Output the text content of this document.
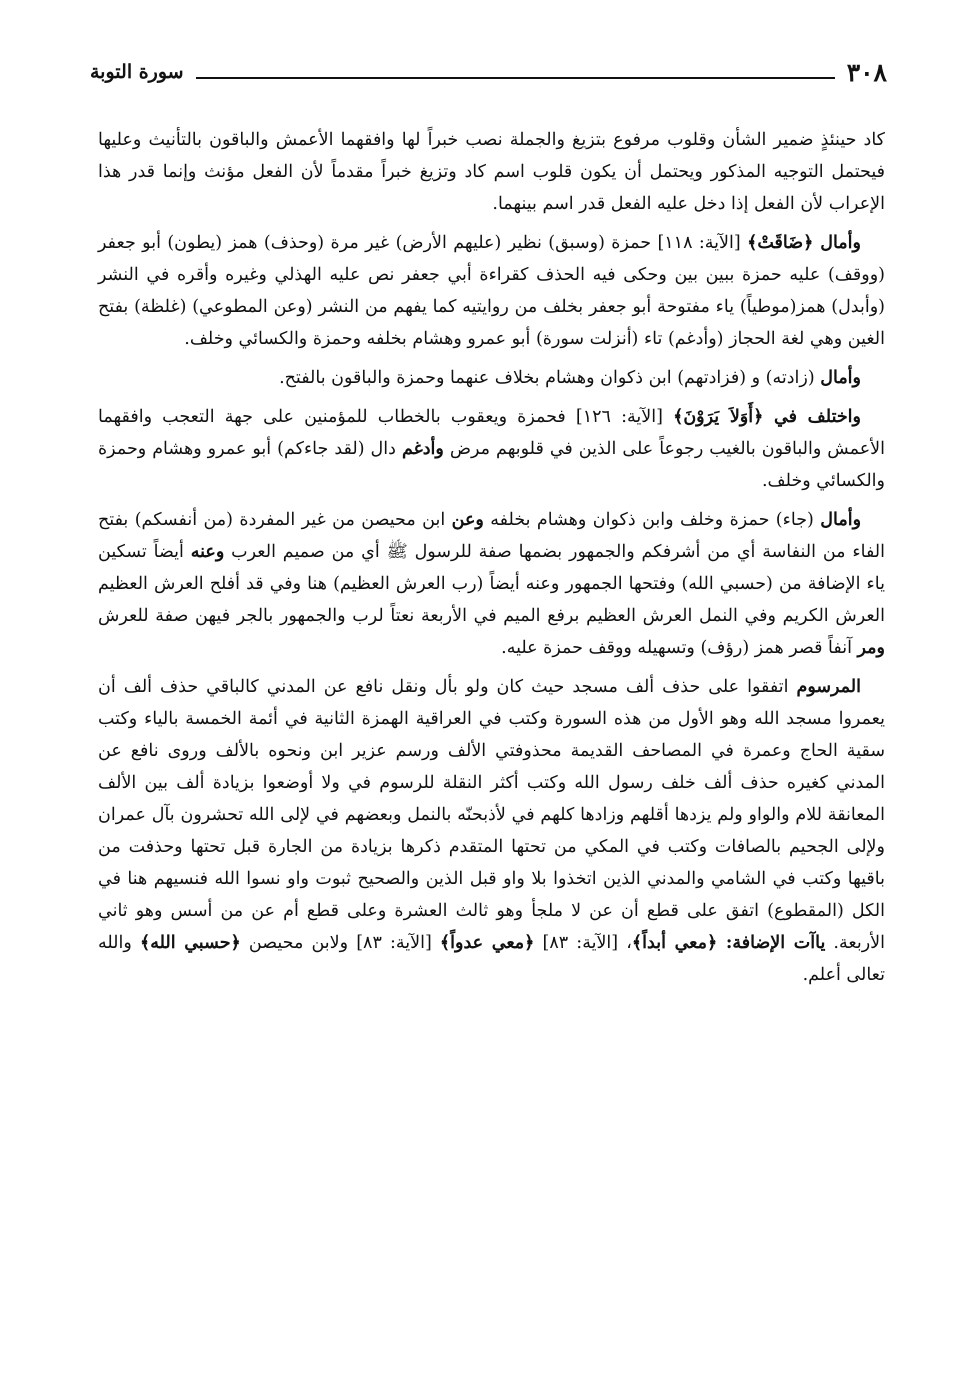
٣٠٨
سورة التوبة

كاد حينئذٍ ضمير الشأن وقلوب مرفوع بتزيغ والجملة نصب خبراً لها وافقهما الأعمش والباقون بالتأنيث وعليها فيحتمل التوجيه المذكور ويحتمل أن يكون قلوب اسم كاد وتزيغ خبراً مقدماً لأن الفعل مؤنث وإنما قدر هذا الإعراب لأن الفعل إذا دخل عليه الفعل قدر اسم بينهما.

وأمال ﴿ضَاقَتْ﴾ [الآية: ١١٨] حمزة (وسبق) نظير (عليهم الأرض) غير مرة (وحذف) همز (يطون) أبو جعفر (ووقف) عليه حمزة ببين بين وحكى فيه الحذف كقراءة أبي جعفر نص عليه الهذلي وغيره وأقره في النشر (وأبدل) همز(موطياً) ياء مفتوحة أبو جعفر بخلف من روايتيه كما يفهم من النشر (وعن المطوعي) (غلظة) بفتح الغين وهي لغة الحجاز (وأدغم) تاء (أنزلت سورة) أبو عمرو وهشام بخلفه وحمزة والكسائي وخلف.

وأمال (زادته) و (فزادتهم) ابن ذكوان وهشام بخلاف عنهما وحمزة والباقون بالفتح.

واختلف في ﴿أَوَلاَ يَرَوْنَ﴾ [الآية: ١٢٦] فحمزة ويعقوب بالخطاب للمؤمنين على جهة التعجب وافقهما الأعمش والباقون بالغيب رجوعاً على الذين في قلوبهم مرض وأدغم دال (لقد جاءكم) أبو عمرو وهشام وحمزة والكسائي وخلف.

وأمال (جاء) حمزة وخلف وابن ذكوان وهشام بخلفه وعن ابن محيصن من غير المفردة (من أنفسكم) بفتح الفاء من النفاسة أي من أشرفكم والجمهور بضمها صفة للرسول ﷺ أي من صميم العرب وعنه أيضاً تسكين ياء الإضافة من (حسبي الله) وفتحها الجمهور وعنه أيضاً (رب العرش العظيم) هنا وفي قد أفلح العرش العظيم العرش الكريم وفي النمل العرش العظيم برفع الميم في الأربعة نعتاً لرب والجمهور بالجر فيهن صفة للعرش ومر آنفاً قصر همز (رؤف) وتسهيله ووقف حمزة عليه.

المرسوم اتفقوا على حذف ألف مسجد حيث كان ولو بأل ونقل نافع عن المدني كالباقي حذف ألف أن يعمروا مسجد الله وهو الأول من هذه السورة وكتب في العراقية الهمزة الثانية في أئمة الخمسة بالياء وكتب سقية الحاج وعمرة في المصاحف القديمة محذوفتي الألف ورسم عزير ابن ونحوه بالألف وروى نافع عن المدني كغيره حذف ألف خلف رسول الله وكتب أكثر النقلة للرسوم في ولا أوضعوا بزيادة ألف بين الألف المعانقة للام والواو ولم يزدها أقلهم وزادها كلهم في لأذبحنّه بالنمل وبعضهم في لإلى الله تحشرون بآل عمران ولإلى الجحيم بالصافات وكتب في المكي من تحتها المتقدم ذكرها بزيادة من الجارة قبل تحتها وحذفت من باقيها وكتب في الشامي والمدني الذين اتخذوا بلا واو قبل الذين والصحيح ثبوت واو نسوا الله فنسيهم هنا في الكل (المقطوع) اتفق على قطع أن عن لا ملجأ وهو ثالث العشرة وعلى قطع أم عن من أسس وهو ثاني الأربعة. ياآت الإضافة: ﴿معي أبداً﴾، [الآية: ٨٣] ﴿معي عدواً﴾ [الآية: ٨٣] ولابن محيصن ﴿حسبي الله﴾ والله تعالى أعلم.
